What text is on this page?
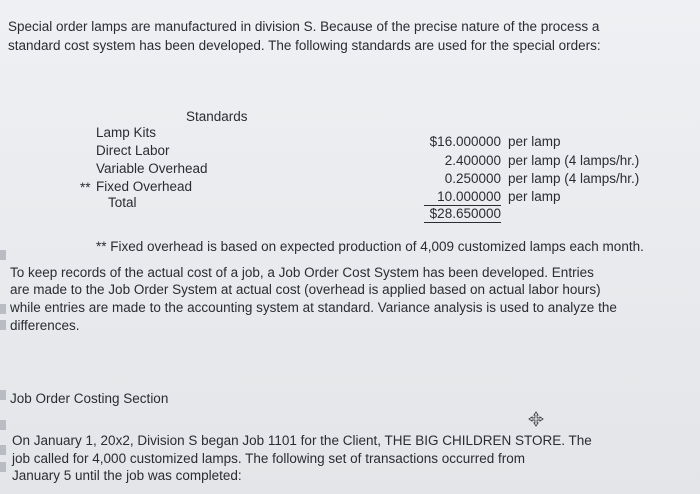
Special order lamps are manufactured in division S. Because of the precise nature of the process a
standard cost system has been developed. The following standards are used for the special orders:
Standards
Lamp Kits
Direct Labor
Variable Overhead
** Fixed Overhead
Total
$16.000000
2.400000
0.250000
10.000000
$28.650000
per lamp
per lamp (4 lamps/hr.)
per lamp (4 lamps/hr.)
per lamp
** Fixed overhead is based on expected production of 4,009 customized lamps each month.
To keep records of the actual cost of a job, a Job Order Cost System has been developed. Entries
are made to the Job Order System at actual cost (overhead is applied based on actual labor hours)
while entries are made to the accounting system at standard. Variance analysis is used to analyze the
differences.
Job Order Costing Section
On January 1, 20x2, Division S began Job 1101 for the Client, THE BIG CHILDREN STORE. The
job called for 4,000 customized lamps. The following set of transactions occurred from
January 5 until the job was completed:
